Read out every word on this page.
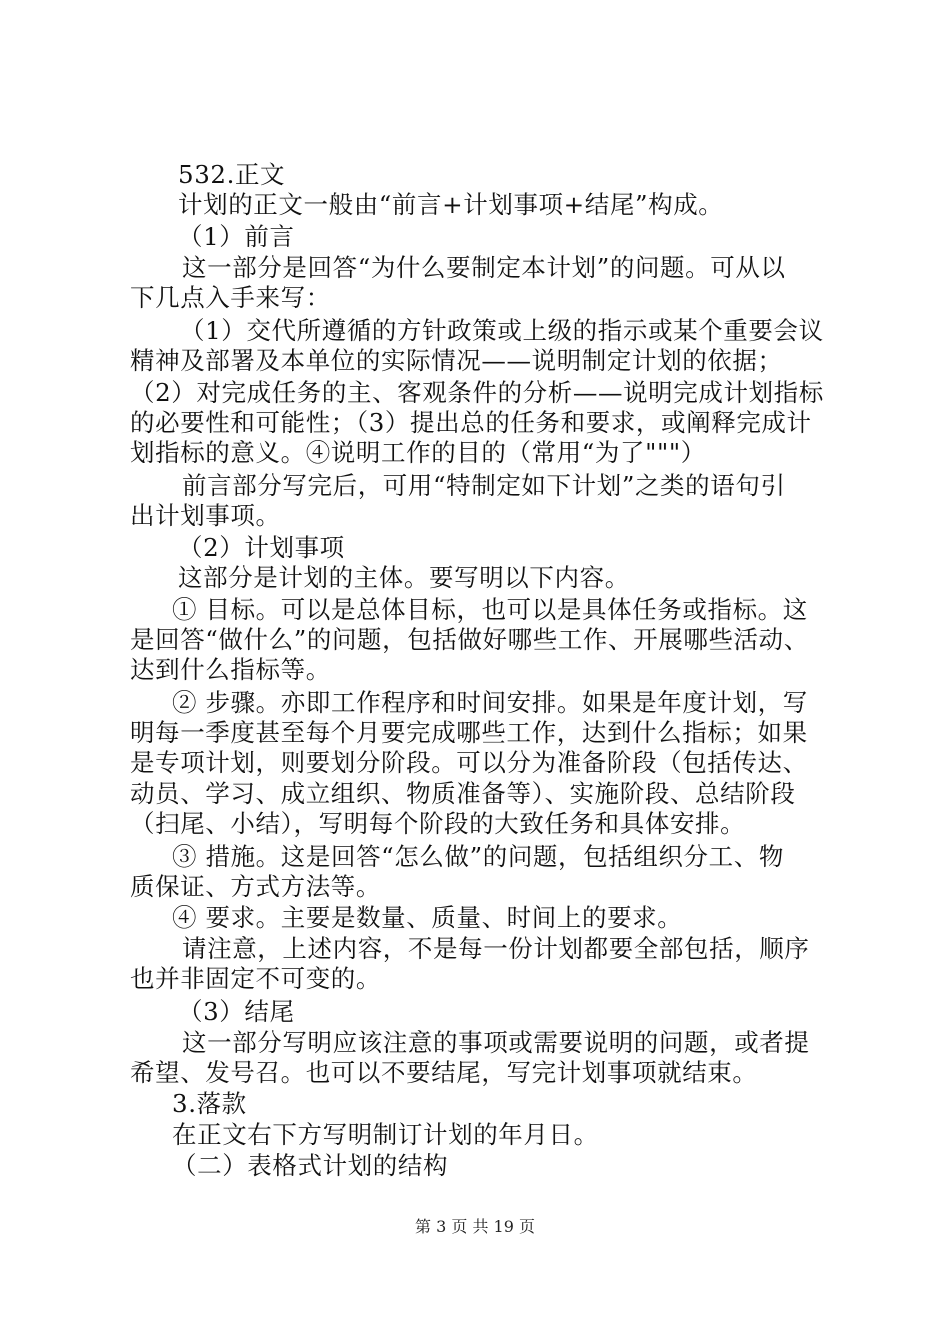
532.正文
计划的正文一般由“前言+计划事项+结尾”构成。
（1）前言
这一部分是回答“为什么要制定本计划”的问题。可从以
下几点入手来写：
（1）交代所遵循的方针政策或上级的指示或某个重要会议
精神及部署及本单位的实际情况——说明制定计划的依据；
（2）对完成任务的主、客观条件的分析——说明完成计划指标
的必要性和可能性；（3）提出总的任务和要求，或阐释完成计
划指标的意义。④说明工作的目的（常用“为了"""）
前言部分写完后，可用“特制定如下计划”之类的语句引
出计划事项。
（2）计划事项
这部分是计划的主体。要写明以下内容。
① 目标。可以是总体目标，也可以是具体任务或指标。这
是回答“做什么”的问题，包括做好哪些工作、开展哪些活动、
达到什么指标等。
② 步骤。亦即工作程序和时间安排。如果是年度计划，写
明每一季度甚至每个月要完成哪些工作，达到什么指标；如果
是专项计划，则要划分阶段。可以分为准备阶段（包括传达、
动员、学习、成立组织、物质准备等）、实施阶段、总结阶段
（扫尾、小结），写明每个阶段的大致任务和具体安排。
③ 措施。这是回答“怎么做”的问题，包括组织分工、物
质保证、方式方法等。
④ 要求。主要是数量、质量、时间上的要求。
请注意，上述内容，不是每一份计划都要全部包括，顺序
也并非固定不可变的。
（3）结尾
这一部分写明应该注意的事项或需要说明的问题，或者提
希望、发号召。也可以不要结尾，写完计划事项就结束。
3.落款
在正文右下方写明制订计划的年月日。
（二）表格式计划的结构
第 3 页 共 19 页
